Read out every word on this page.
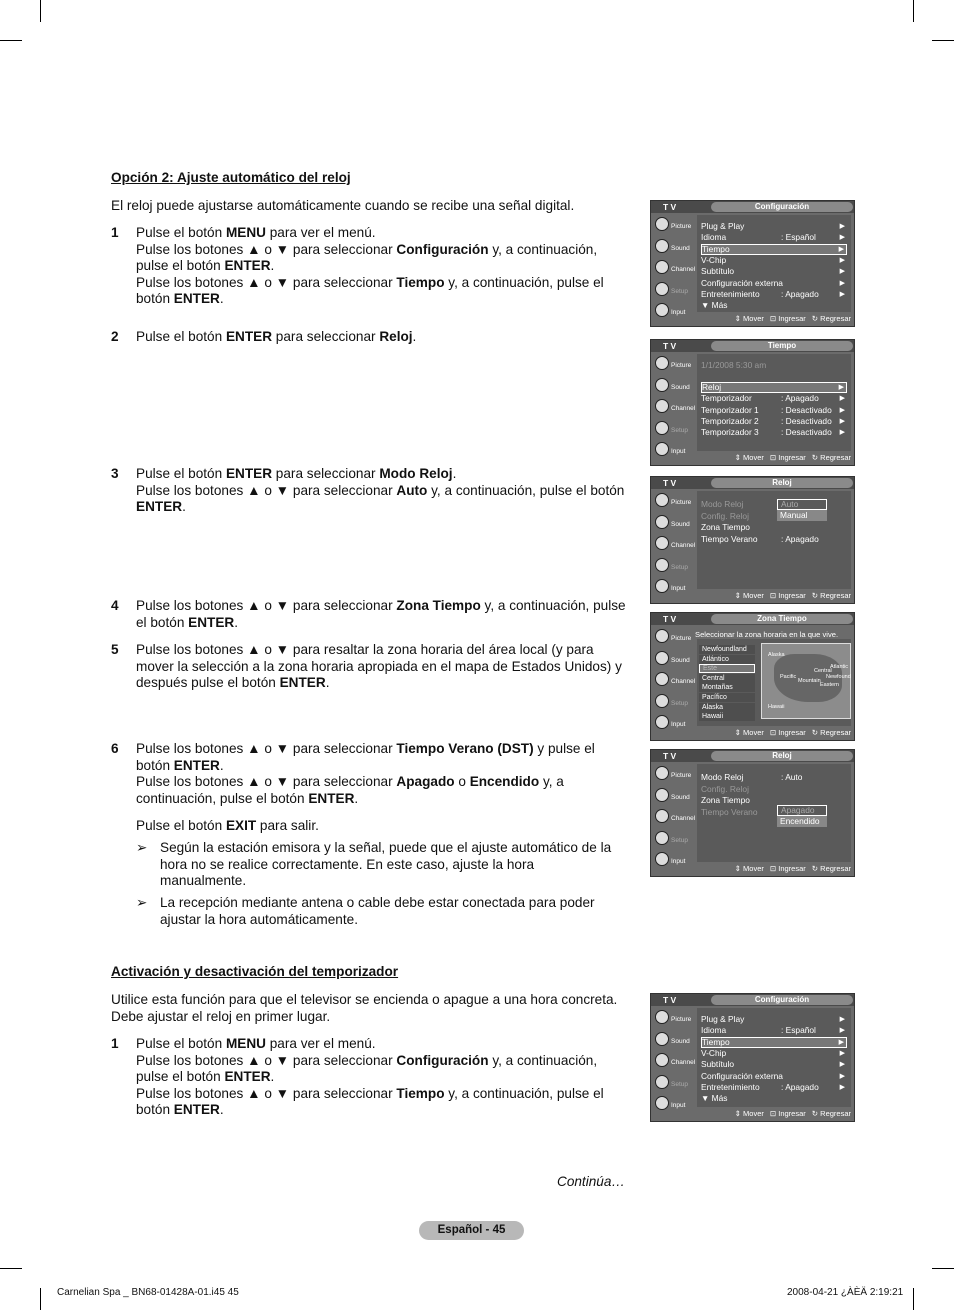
Opción 2: Ajuste automático del reloj
El reloj puede ajustarse automáticamente cuando se recibe una señal digital.
1 Pulse el botón MENU para ver el menú.
Pulse los botones ▲ o ▼ para seleccionar Configuración y, a continuación, pulse el botón ENTER.
Pulse los botones ▲ o ▼ para seleccionar Tiempo y, a continuación, pulse el botón ENTER.
2 Pulse el botón ENTER para seleccionar Reloj.
3 Pulse el botón ENTER para seleccionar Modo Reloj.
Pulse los botones ▲ o ▼ para seleccionar Auto y, a continuación, pulse el botón ENTER.
4 Pulse los botones ▲ o ▼ para seleccionar Zona Tiempo y, a continuación, pulse el botón ENTER.
5 Pulse los botones ▲ o ▼ para resaltar la zona horaria del área local (y para mover la selección a la zona horaria apropiada en el mapa de Estados Unidos) y después pulse el botón ENTER.
6 Pulse los botones ▲ o ▼ para seleccionar Tiempo Verano (DST) y pulse el botón ENTER.
Pulse los botones ▲ o ▼ para seleccionar Apagado o Encendido y, a continuación, pulse el botón ENTER.
Pulse el botón EXIT para salir.
➢ Según la estación emisora y la señal, puede que el ajuste automático de la hora no se realice correctamente. En este caso, ajuste la hora manualmente.
➢ La recepción mediante antena o cable debe estar conectada para poder ajustar la hora automáticamente.
Activación y desactivación del temporizador
Utilice esta función para que el televisor se encienda o apague a una hora concreta. Debe ajustar el reloj en primer lugar.
1 Pulse el botón MENU para ver el menú.
Pulse los botones ▲ o ▼ para seleccionar Configuración y, a continuación, pulse el botón ENTER.
Pulse los botones ▲ o ▼ para seleccionar Tiempo y, a continuación, pulse el botón ENTER.
Continúa…
Español - 45
Carnelian Spa _ BN68-01428A-01.i45 45	2008-04-21 ¿ÀÈÄ 2:19:21
T V	Configuración
Picture
Sound
Channel
Setup
Input
Plug & Play	▶
Idioma	: Español	▶
Tiempo	▶
V-Chip	▶
Subtítulo	▶
Configuración externa	▶
Entretenimiento	: Apagado	▶
▼ Más
⇕ Mover ⊡ Ingresar ↻ Regresar
T V	Tiempo
Picture
Sound
Channel
Setup
Input
1/1/2008 5:30 am
Reloj	▶
Temporizador	: Apagado	▶
Temporizador 1	: Desactivado ▶
Temporizador 2	: Desactivado ▶
Temporizador 3	: Desactivado ▶
⇕ Mover ⊡ Ingresar ↻ Regresar
T V	Reloj
Picture
Sound
Channel
Setup
Input
Modo Reloj
Config. Reloj
Zona Tiempo
Tiempo Verano	: Apagado
Auto
Manual
⇕ Mover ⊡ Ingresar ↻ Regresar
T V	Zona Tiempo
Picture
Sound
Channel
Setup
Input
Newfoundland
Atlántico
Este
Central
Montañas
Pacífico
Alaska
Hawaii
Alaska
Pacific
Mountain
Central
Eastern
Atlantic
Newfound
Hawaii
Seleccionar la zona horaria en la que vive.
⇕ Mover ⊡ Ingresar ↻ Regresar
T V	Reloj
Picture
Sound
Channel
Setup
Input
Modo Reloj	: Auto
Config. Reloj
Zona Tiempo
Tiempo Verano	Apagado
Encendido
⇕ Mover ⊡ Ingresar ↻ Regresar
T V	Configuración
Picture
Sound
Channel
Setup
Input
Plug & Play	▶
Idioma	: Español	▶
Tiempo	▶
V-Chip	▶
Subtítulo	▶
Configuración externa	▶
Entretenimiento	: Apagado	▶
▼ Más
⇕ Mover ⊡ Ingresar ↻ Regresar
